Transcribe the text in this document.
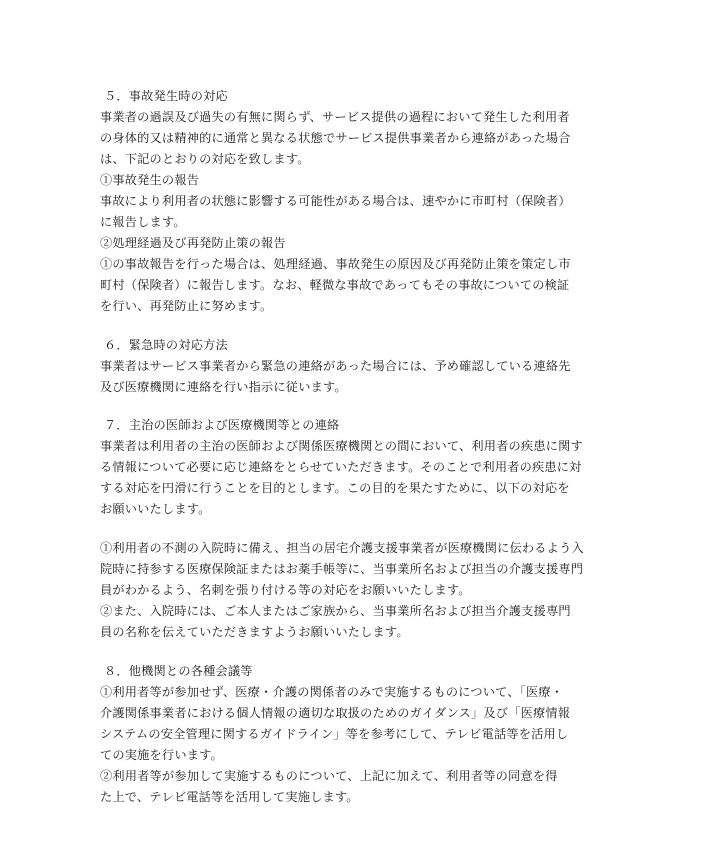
５．事故発生時の対応
事業者の過誤及び過失の有無に関らず、サービス提供の過程において発生した利用者
の身体的又は精神的に通常と異なる状態でサービス提供事業者から連絡があった場合
は、下記のとおりの対応を致します。
①事故発生の報告
事故により利用者の状態に影響する可能性がある場合は、速やかに市町村（保険者）
に報告します。
②処理経過及び再発防止策の報告
①の事故報告を行った場合は、処理経過、事故発生の原因及び再発防止策を策定し市
町村（保険者）に報告します。なお、軽微な事故であってもその事故についての検証
を行い、再発防止に努めます。
６．緊急時の対応方法
事業者はサービス事業者から緊急の連絡があった場合には、予め確認している連絡先
及び医療機関に連絡を行い指示に従います。
７．主治の医師および医療機関等との連絡
事業者は利用者の主治の医師および関係医療機関との間において、利用者の疾患に関す
る情報について必要に応じ連絡をとらせていただきます。そのことで利用者の疾患に対
する対応を円滑に行うことを目的とします。この目的を果たすために、以下の対応を
お願いいたします。
①利用者の不測の入院時に備え、担当の居宅介護支援事業者が医療機関に伝わるよう入
院時に持参する医療保険証またはお薬手帳等に、当事業所名および担当の介護支援専門
員がわかるよう、名刺を張り付ける等の対応をお願いいたします。
②また、入院時には、ご本人またはご家族から、当事業所名および担当介護支援専門
員の名称を伝えていただきますようお願いいたします。
８．他機関との各種会議等
①利用者等が参加せず、医療・介護の関係者のみで実施するものについて、「医療・
介護関係事業者における個人情報の適切な取扱のためのガイダンス」及び「医療情報
システムの安全管理に関するガイドライン」等を参考にして、テレビ電話等を活用し
ての実施を行います。
②利用者等が参加して実施するものについて、上記に加えて、利用者等の同意を得
た上で、テレビ電話等を活用して実施します。
